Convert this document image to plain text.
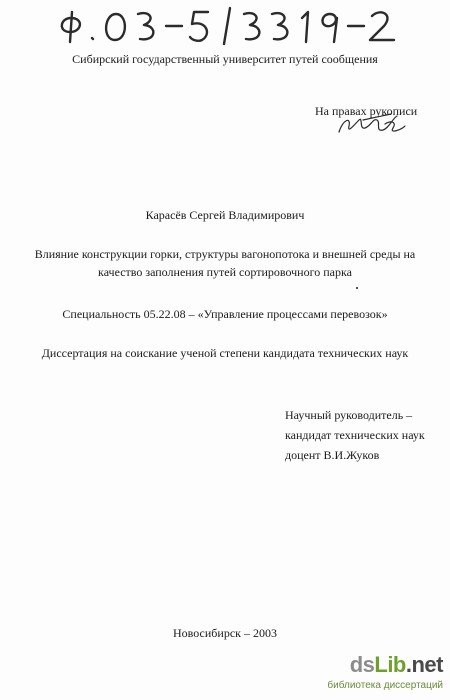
Сибирский государственный университет путей сообщения
На правах рукописи
Карасёв Сергей Владимирович
Влияние конструкции горки, структуры вагонопотока и внешней среды на
качество заполнения путей сортировочного парка
Специальность 05.22.08 – «Управление процессами перевозок»
Диссертация на соискание ученой степени кандидата технических наук
Научный руководитель –
кандидат технических наук
доцент В.И.Жуков
Новосибирск – 2003
dsLib.net
библиотека диссертаций
